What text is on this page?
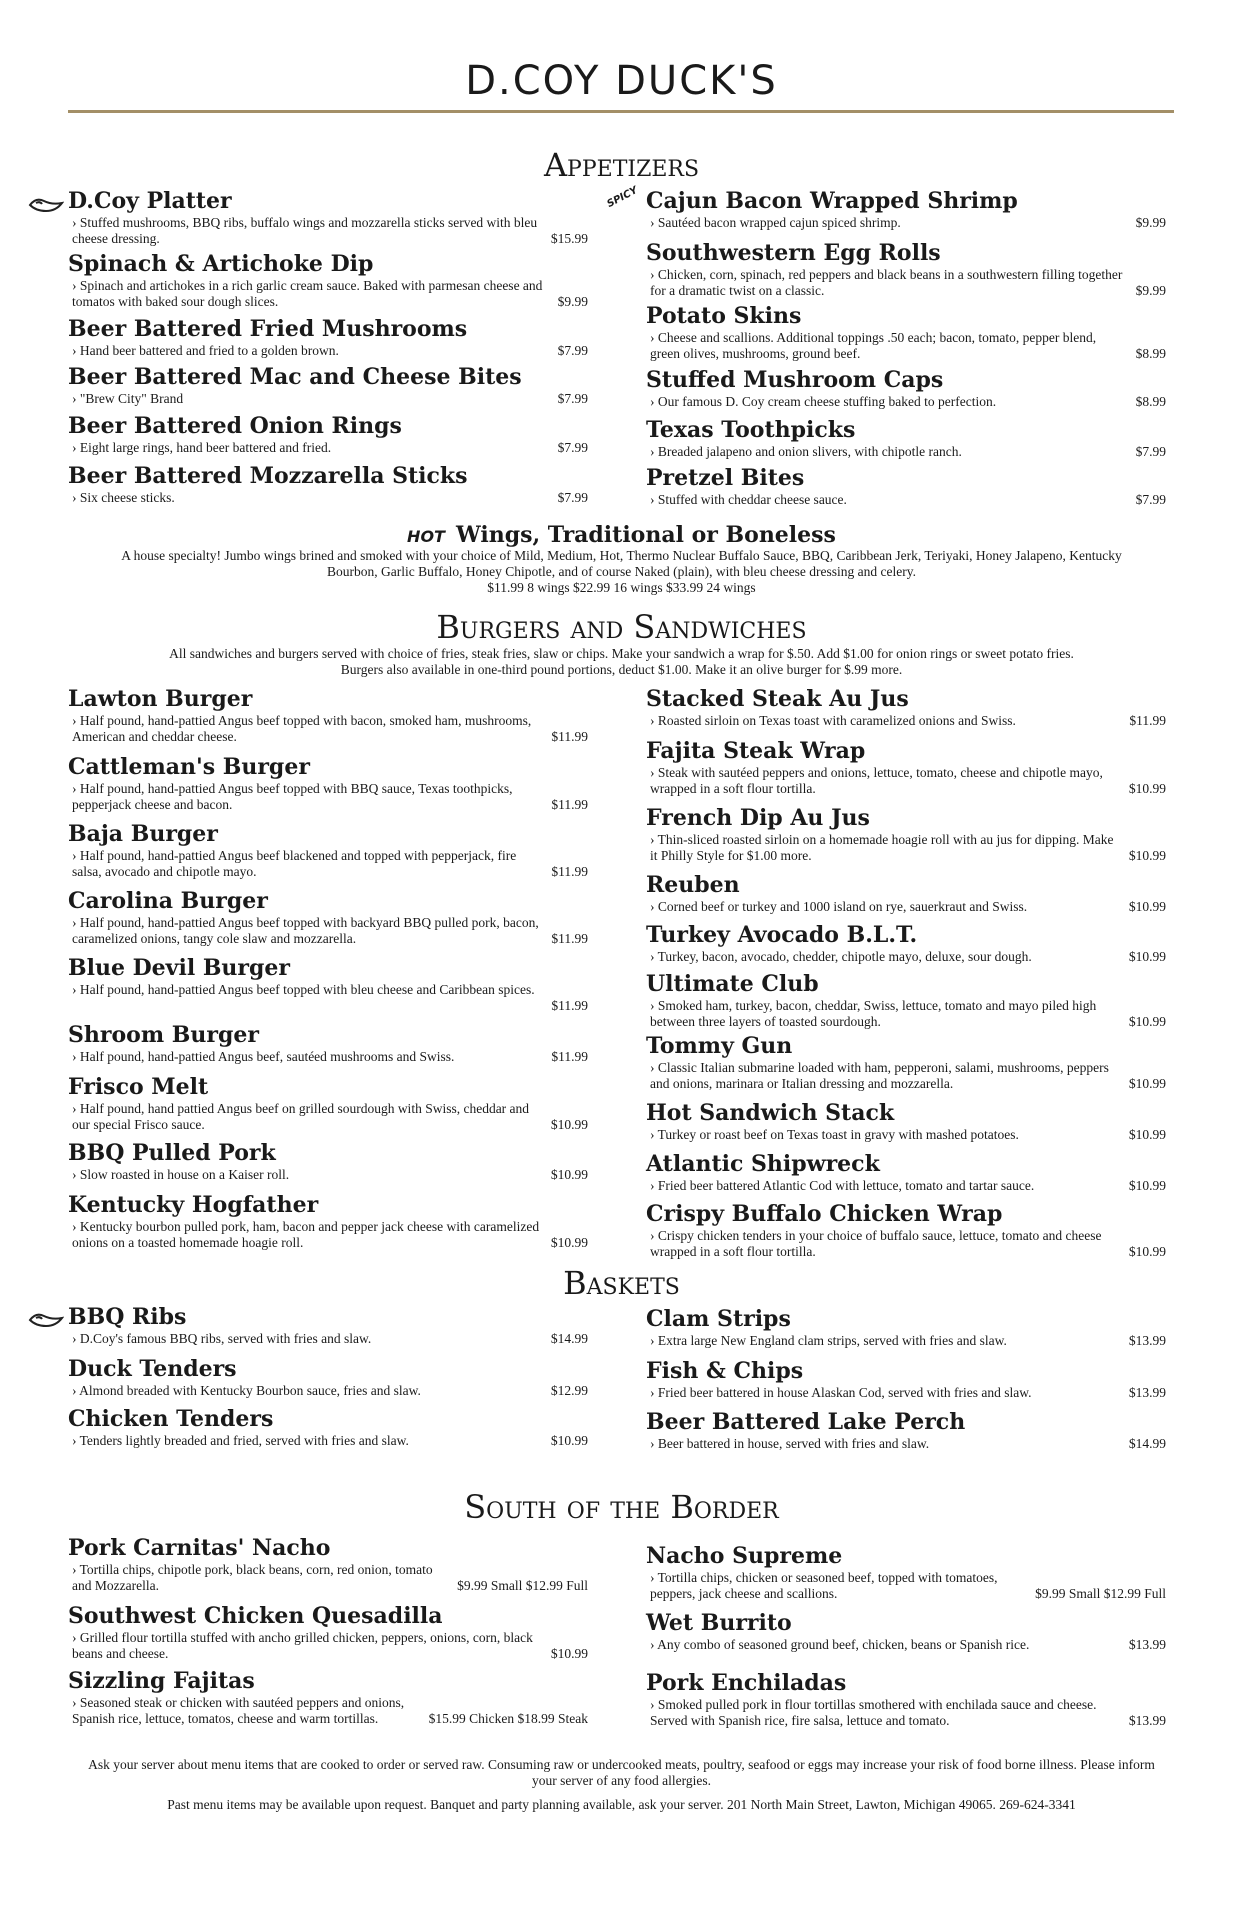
D.COY DUCK'S
Appetizers
SPICY
D.Coy Platter
$15.99
› Stuffed mushrooms, BBQ ribs, buffalo wings and mozzarella sticks served with bleu cheese dressing.
Spinach & Artichoke Dip
$9.99
› Spinach and artichokes in a rich garlic cream sauce. Baked with parmesan cheese and tomatos with baked sour dough slices.
Beer Battered Fried Mushrooms
$7.99
› Hand beer battered and fried to a golden brown.
Beer Battered Mac and Cheese Bites
$7.99
› "Brew City" Brand
Beer Battered Onion Rings
$7.99
› Eight large rings, hand beer battered and fried.
Beer Battered Mozzarella Sticks
$7.99
› Six cheese sticks.
Cajun Bacon Wrapped Shrimp
$9.99
› Sautéed bacon wrapped cajun spiced shrimp.
Southwestern Egg Rolls
$9.99
› Chicken, corn, spinach, red peppers and black beans in a southwestern filling together for a dramatic twist on a classic.
Potato Skins
$8.99
› Cheese and scallions. Additional toppings .50 each; bacon, tomato, pepper blend, green olives, mushrooms, ground beef.
Stuffed Mushroom Caps
$8.99
› Our famous D. Coy cream cheese stuffing baked to perfection.
Texas Toothpicks
$7.99
› Breaded jalapeno and onion slivers, with chipotle ranch.
Pretzel Bites
$7.99
› Stuffed with cheddar cheese sauce.
HOT Wings, Traditional or Boneless
A house specialty! Jumbo wings brined and smoked with your choice of Mild, Medium, Hot, Thermo Nuclear Buffalo Sauce, BBQ, Caribbean Jerk, Teriyaki, Honey Jalapeno, Kentucky Bourbon, Garlic Buffalo, Honey Chipotle, and of course Naked (plain), with bleu cheese dressing and celery.
$11.99 8 wings $22.99 16 wings $33.99 24 wings
Burgers and Sandwiches
All sandwiches and burgers served with choice of fries, steak fries, slaw or chips. Make your sandwich a wrap for $.50. Add $1.00 for onion rings or sweet potato fries.
Burgers also available in one-third pound portions, deduct $1.00. Make it an olive burger for $.99 more.
Lawton Burger
$11.99
› Half pound, hand-pattied Angus beef topped with bacon, smoked ham, mushrooms, American and cheddar cheese.
Cattleman's Burger
$11.99
› Half pound, hand-pattied Angus beef topped with BBQ sauce, Texas toothpicks, pepperjack cheese and bacon.
Baja Burger
$11.99
› Half pound, hand-pattied Angus beef blackened and topped with pepperjack, fire salsa, avocado and chipotle mayo.
Carolina Burger
$11.99
› Half pound, hand-pattied Angus beef topped with backyard BBQ pulled pork, bacon, caramelized onions, tangy cole slaw and mozzarella.
Blue Devil Burger
$11.99
› Half pound, hand-pattied Angus beef topped with bleu cheese and Caribbean spices.
Shroom Burger
$11.99
› Half pound, hand-pattied Angus beef, sautéed mushrooms and Swiss.
Frisco Melt
$10.99
› Half pound, hand pattied Angus beef on grilled sourdough with Swiss, cheddar and our special Frisco sauce.
BBQ Pulled Pork
$10.99
› Slow roasted in house on a Kaiser roll.
Kentucky Hogfather
$10.99
› Kentucky bourbon pulled pork, ham, bacon and pepper jack cheese with caramelized onions on a toasted homemade hoagie roll.
Stacked Steak Au Jus
$11.99
› Roasted sirloin on Texas toast with caramelized onions and Swiss.
Fajita Steak Wrap
$10.99
› Steak with sautéed peppers and onions, lettuce, tomato, cheese and chipotle mayo, wrapped in a soft flour tortilla.
French Dip Au Jus
$10.99
› Thin-sliced roasted sirloin on a homemade hoagie roll with au jus for dipping. Make it Philly Style for $1.00 more.
Reuben
$10.99
› Corned beef or turkey and 1000 island on rye, sauerkraut and Swiss.
Turkey Avocado B.L.T.
$10.99
› Turkey, bacon, avocado, chedder, chipotle mayo, deluxe, sour dough.
Ultimate Club
$10.99
› Smoked ham, turkey, bacon, cheddar, Swiss, lettuce, tomato and mayo piled high between three layers of toasted sourdough.
Tommy Gun
$10.99
› Classic Italian submarine loaded with ham, pepperoni, salami, mushrooms, peppers and onions, marinara or Italian dressing and mozzarella.
Hot Sandwich Stack
$10.99
› Turkey or roast beef on Texas toast in gravy with mashed potatoes.
Atlantic Shipwreck
$10.99
› Fried beer battered Atlantic Cod with lettuce, tomato and tartar sauce.
Crispy Buffalo Chicken Wrap
$10.99
› Crispy chicken tenders in your choice of buffalo sauce, lettuce, tomato and cheese wrapped in a soft flour tortilla.
Baskets
BBQ Ribs
$14.99
› D.Coy's famous BBQ ribs, served with fries and slaw.
Duck Tenders
$12.99
› Almond breaded with Kentucky Bourbon sauce, fries and slaw.
Chicken Tenders
$10.99
› Tenders lightly breaded and fried, served with fries and slaw.
Clam Strips
$13.99
› Extra large New England clam strips, served with fries and slaw.
Fish & Chips
$13.99
› Fried beer battered in house Alaskan Cod, served with fries and slaw.
Beer Battered Lake Perch
$14.99
› Beer battered in house, served with fries and slaw.
South of the Border
Pork Carnitas' Nacho
$9.99 Small $12.99 Full
› Tortilla chips, chipotle pork, black beans, corn, red onion, tomato and Mozzarella.
Southwest Chicken Quesadilla
$10.99
› Grilled flour tortilla stuffed with ancho grilled chicken, peppers, onions, corn, black beans and cheese.
Sizzling Fajitas
$15.99 Chicken $18.99 Steak
› Seasoned steak or chicken with sautéed peppers and onions, Spanish rice, lettuce, tomatos, cheese and warm tortillas.
Nacho Supreme
$9.99 Small $12.99 Full
› Tortilla chips, chicken or seasoned beef, topped with tomatoes, peppers, jack cheese and scallions.
Wet Burrito
$13.99
› Any combo of seasoned ground beef, chicken, beans or Spanish rice.
Pork Enchiladas
$13.99
› Smoked pulled pork in flour tortillas smothered with enchilada sauce and cheese. Served with Spanish rice, fire salsa, lettuce and tomato.
Ask your server about menu items that are cooked to order or served raw. Consuming raw or undercooked meats, poultry, seafood or eggs may increase your risk of food borne illness. Please inform your server of any food allergies.
Past menu items may be available upon request. Banquet and party planning available, ask your server. 201 North Main Street, Lawton, Michigan 49065. 269-624-3341
